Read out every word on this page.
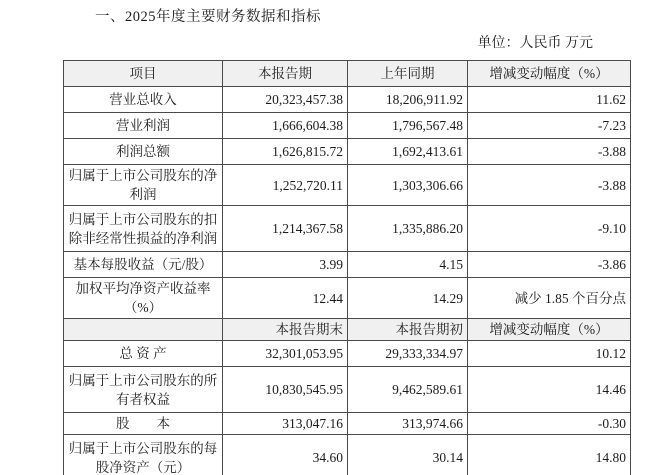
一、2025年度主要财务数据和指标
单位：人民币 万元
项目	本报告期	上年同期	增减变动幅度（%）
营业总收入	20,323,457.38	18,206,911.92	11.62
营业利润	1,666,604.38	1,796,567.48	-7.23
利润总额	1,626,815.72	1,692,413.61	-3.88
归属于上市公司股东的净利润	1,252,720.11	1,303,306.66	-3.88
归属于上市公司股东的扣除非经常性损益的净利润	1,214,367.58	1,335,886.20	-9.10
基本每股收益（元/股）	3.99	4.15	-3.86
加权平均净资产收益率（%）	12.44	14.29	减少 1.85 个百分点
	本报告期末	本报告期初	增减变动幅度（%）
总 资 产	32,301,053.95	29,333,334.97	10.12
归属于上市公司股东的所有者权益	10,830,545.95	9,462,589.61	14.46
股　　本	313,047.16	313,974.66	-0.30
归属于上市公司股东的每股净资产（元）	34.60	30.14	14.80
